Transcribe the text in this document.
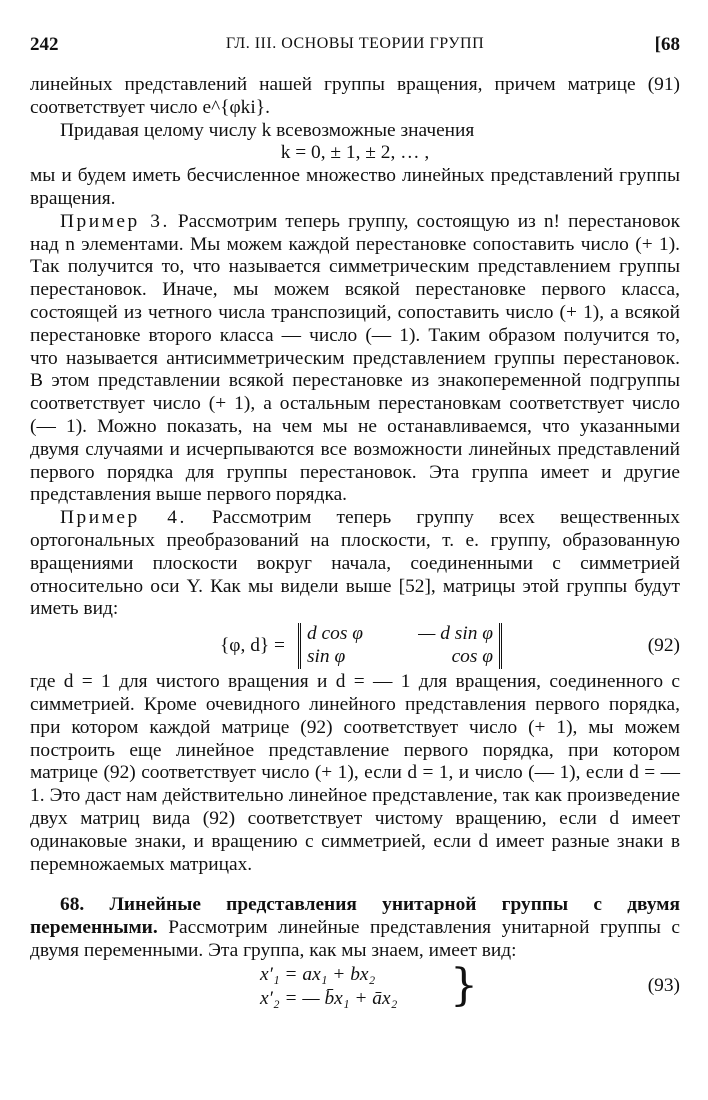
242	ГЛ. III. ОСНОВЫ ТЕОРИИ ГРУПП	[68

линейных представлений нашей группы вращения, причем матрице (91) соответствует число e^{φki}.

Придавая целому числу k всевозможные значения

k = 0, ± 1, ± 2, … ,

мы и будем иметь бесчисленное множество линейных представлений группы вращения.

Пример 3. Рассмотрим теперь группу, состоящую из n! перестановок над n элементами. Мы можем каждой перестановке сопоставить число (+ 1). Так получится то, что называется симметрическим представлением группы перестановок. Иначе, мы можем всякой перестановке первого класса, состоящей из четного числа транспозиций, сопоставить число (+ 1), а всякой перестановке второго класса — число (— 1). Таким образом получится то, что называется антисимметрическим представлением группы перестановок. В этом представлении всякой перестановке из знакопеременной подгруппы соответствует число (+ 1), а остальным перестановкам соответствует число (— 1). Можно показать, на чем мы не останавливаемся, что указанными двумя случаями и исчерпываются все возможности линейных представлений первого порядка для группы перестановок. Эта группа имеет и другие представления выше первого порядка.

Пример 4. Рассмотрим теперь группу всех вещественных ортогональных преобразований на плоскости, т. е. группу, образованную вращениями плоскости вокруг начала, соединенными с симметрией относительно оси Y. Как мы видели выше [52], матрицы этой группы будут иметь вид:

{φ, d} =
d cos φ	— d sin φ
sin φ	cos φ
(92)

где d = 1 для чистого вращения и d = — 1 для вращения, соединенного с симметрией. Кроме очевидного линейного представления первого порядка, при котором каждой матрице (92) соответствует число (+ 1), мы можем построить еще линейное представление первого порядка, при котором матрице (92) соответствует число (+ 1), если d = 1, и число (— 1), если d = — 1. Это даст нам действительно линейное представление, так как произведение двух матриц вида (92) соответствует чистому вращению, если d имеет одинаковые знаки, и вращению с симметрией, если d имеет разные знаки в перемножаемых матрицах.

68. Линейные представления унитарной группы с двумя переменными. Рассмотрим линейные представления унитарной группы с двумя переменными. Эта группа, как мы знаем, имеет вид:

x′₁ = ax₁ + bx₂
x′₂ = — b̄x₁ + āx₂ }	(93)
